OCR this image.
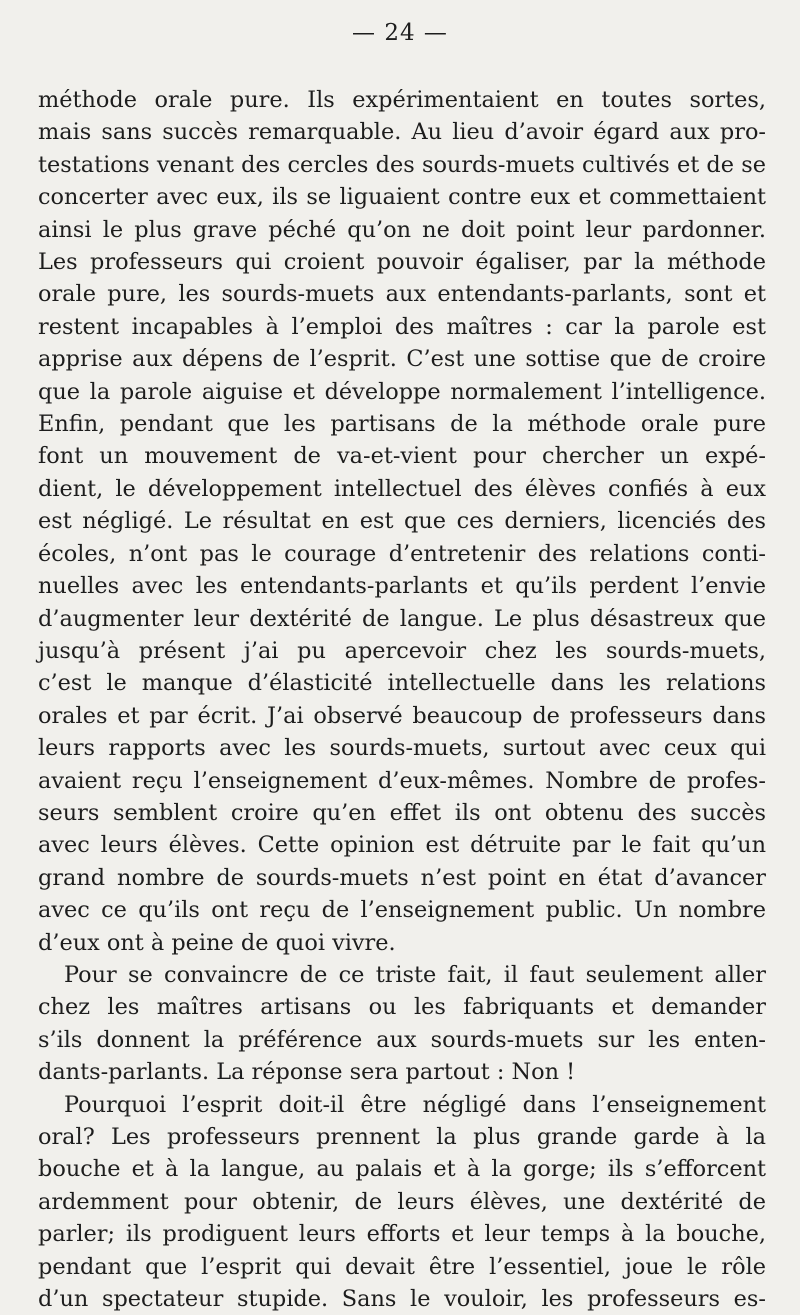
— 24 —
méthode orale pure. Ils expérimentaient en toutes sortes,
mais sans succès remarquable. Au lieu d’avoir égard aux pro-
testations venant des cercles des sourds-muets cultivés et de se
concerter avec eux, ils se liguaient contre eux et commettaient
ainsi le plus grave péché qu’on ne doit point leur pardonner.
Les professeurs qui croient pouvoir égaliser, par la méthode
orale pure, les sourds-muets aux entendants-parlants, sont et
restent incapables à l’emploi des maîtres : car la parole est
apprise aux dépens de l’esprit. C’est une sottise que de croire
que la parole aiguise et développe normalement l’intelligence.
Enfin, pendant que les partisans de la méthode orale pure
font un mouvement de va-et-vient pour chercher un expé-
dient, le développement intellectuel des élèves confiés à eux
est négligé. Le résultat en est que ces derniers, licenciés des
écoles, n’ont pas le courage d’entretenir des relations conti-
nuelles avec les entendants-parlants et qu’ils perdent l’envie
d’augmenter leur dextérité de langue. Le plus désastreux que
jusqu’à présent j’ai pu apercevoir chez les sourds-muets,
c’est le manque d’élasticité intellectuelle dans les relations
orales et par écrit. J’ai observé beaucoup de professeurs dans
leurs rapports avec les sourds-muets, surtout avec ceux qui
avaient reçu l’enseignement d’eux-mêmes. Nombre de profes-
seurs semblent croire qu’en effet ils ont obtenu des succès
avec leurs élèves. Cette opinion est détruite par le fait qu’un
grand nombre de sourds-muets n’est point en état d’avancer
avec ce qu’ils ont reçu de l’enseignement public. Un nombre
d’eux ont à peine de quoi vivre.
Pour se convaincre de ce triste fait, il faut seulement aller
chez les maîtres artisans ou les fabriquants et demander
s’ils donnent la préférence aux sourds-muets sur les enten-
dants-parlants. La réponse sera partout : Non !
Pourquoi l’esprit doit-il être négligé dans l’enseignement
oral? Les professeurs prennent la plus grande garde à la
bouche et à la langue, au palais et à la gorge; ils s’efforcent
ardemment pour obtenir, de leurs élèves, une dextérité de
parler; ils prodiguent leurs efforts et leur temps à la bouche,
pendant que l’esprit qui devait être l’essentiel, joue le rôle
d’un spectateur stupide. Sans le vouloir, les professeurs es-
